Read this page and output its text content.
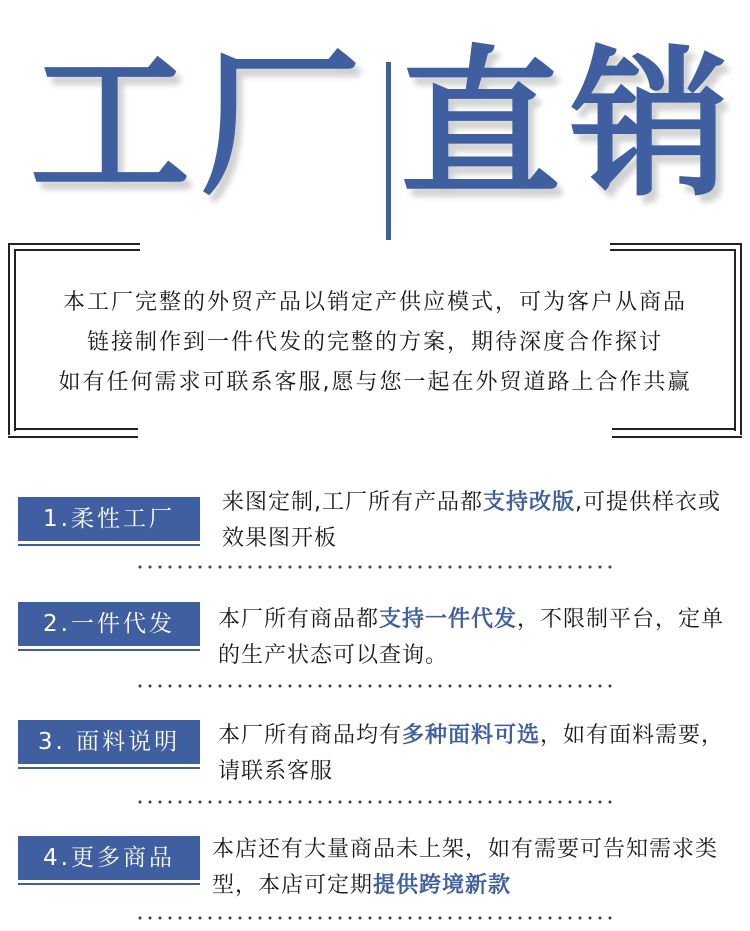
工厂 直销
本工厂完整的外贸产品以销定产供应模式，可为客户从商品
链接制作到一件代发的完整的方案，期待深度合作探讨
如有任何需求可联系客服,愿与您一起在外贸道路上合作共赢
1.柔性工厂
来图定制,工厂所有产品都支持改版,可提供样衣或效果图开板
2.一件代发	本厂所有商品都支持一件代发，不限制平台，定单的生产状态可以查询。
3. 面料说明	本厂所有商品均有多种面料可选，如有面料需要，请联系客服
4.更多商品	本店还有大量商品未上架，如有需要可告知需求类型，本店可定期提供跨境新款
